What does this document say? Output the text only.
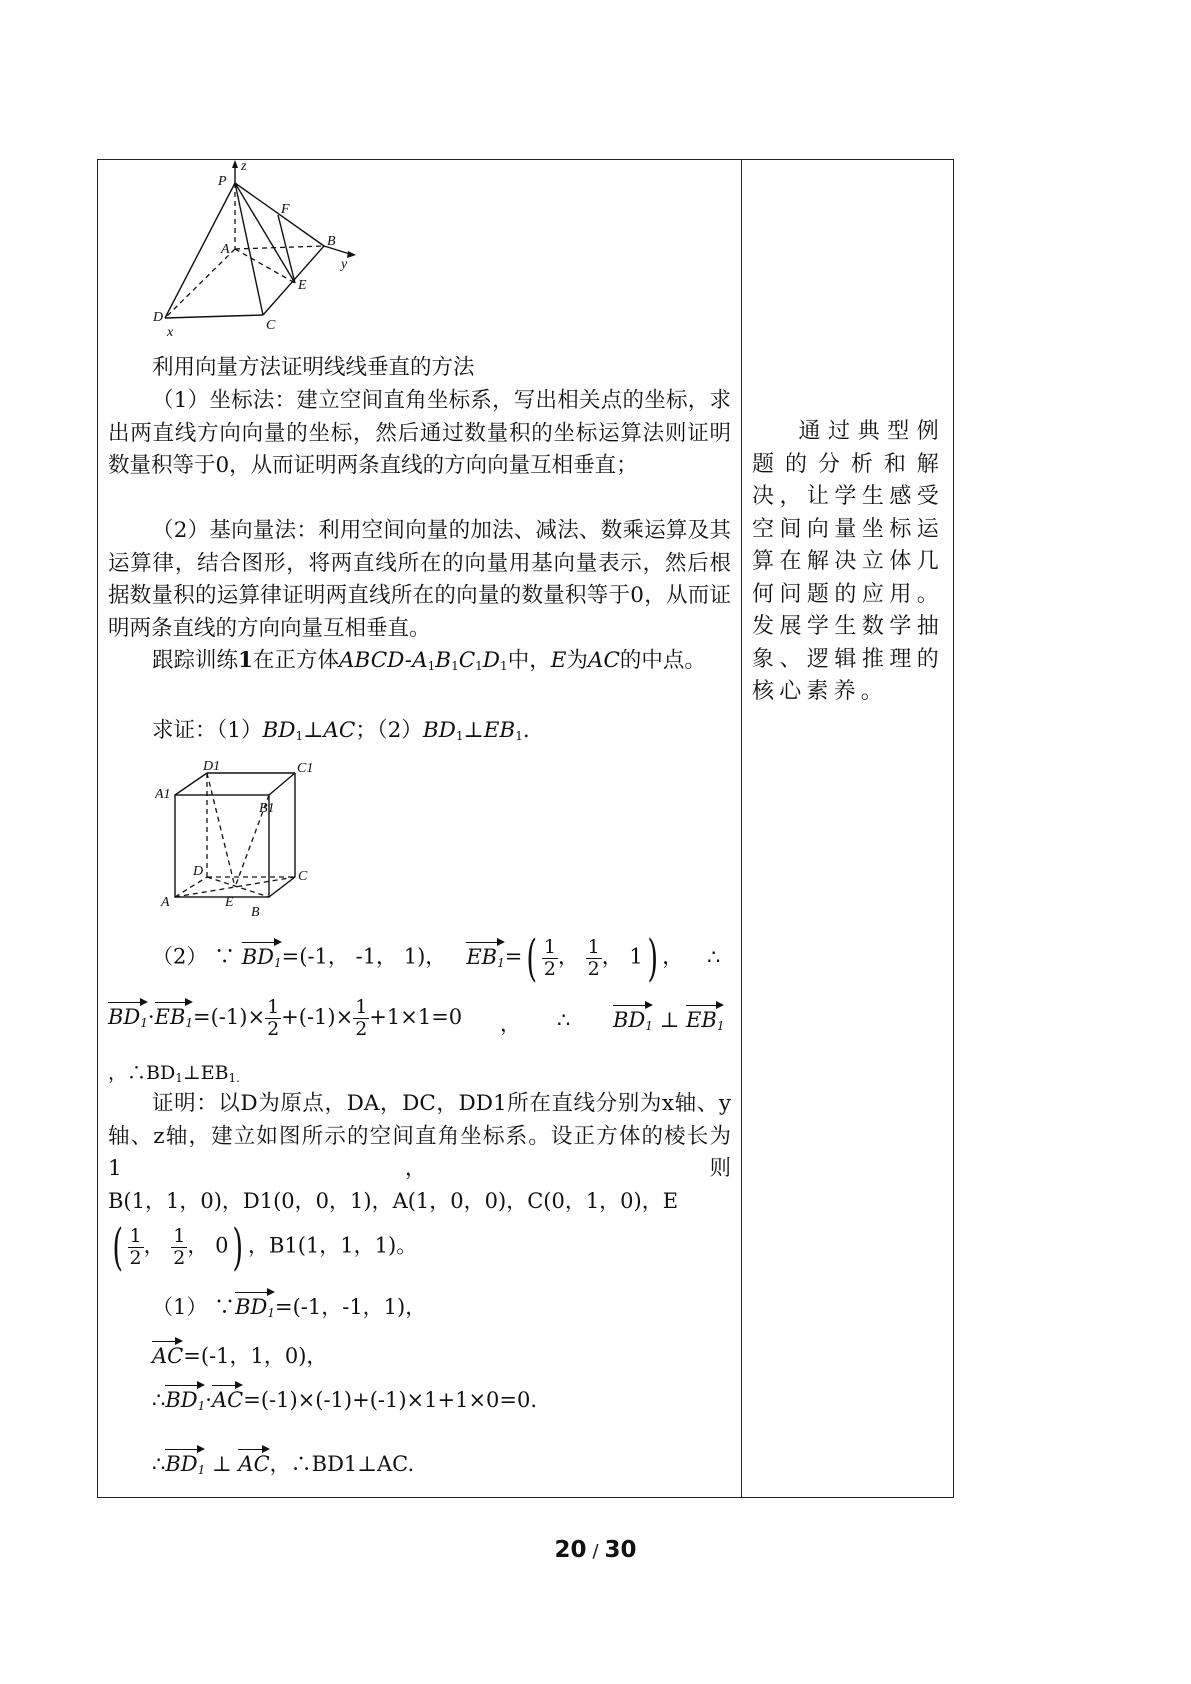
P
z
F
A
B
y
E
D
x	C
利用向量方法证明线线垂直的方法
（1）坐标法：建立空间直角坐标系，写出相关点的坐标，求出两直线方向向量的坐标，然后通过数量积的坐标运算法则证明数量积等于0，从而证明两条直线的方向向量互相垂直；
（2）基向量法：利用空间向量的加法、减法、数乘运算及其运算律，结合图形，将两直线所在的向量用基向量表示，然后根据数量积的运算律证明两直线所在的向量的数量积等于0，从而证明两条直线的方向向量互相垂直。
跟踪训练1在正方体ABCD-$A_1B_1C_1D_1$中，E为AC的中点。
求证：$(1)BD_1\perp AC$；$(2)BD_1\perp EB_1$.
D1	C1
A1
B1
D	C
A	E
B
（2） ∵ $BD_1=(-1$， -1， 1)， $EB_1=( \frac{1}{2}$ ， $\frac{1}{2}$ ， 1) ， ∴
$BD_1\cdot EB_1=(-1)\times \frac{1}{2} +(-1)\times \frac{1}{2} +1\times 1=0$ ， ∴ $BD_1$ ⊥ $EB_1$
，$\therefore BD_1\perp EB_{1.}$
证明：以D为原点，DA，DC，DD1所在直线分别为x轴、y轴、z轴，建立如图所示的空间直角坐标系。设正方体的棱长为1，则
B(1，1，0)，D1(0，0，1)，A(1，0，0)，C(0，1，0)，E
( $\frac{1}{2}$ ， $\frac{1}{2}$ ， 0) ，B1(1，1，1)。
（1） $\because BD_1=(-1$，-1，1)，
AC=(-1，1，0)，
$\therefore BD_1\cdot AC=(-1)\times(-1)+(-1)\times 1+1\times 0=0$.
$\therefore BD_1$ ⊥ AC，∴BD1⊥AC.
通过典型例题的分析和解决，让学生感受空间向量坐标运算在解决立体几何问题的应用。发展学生数学抽象、逻辑推理的核心素养。
20 / 30
